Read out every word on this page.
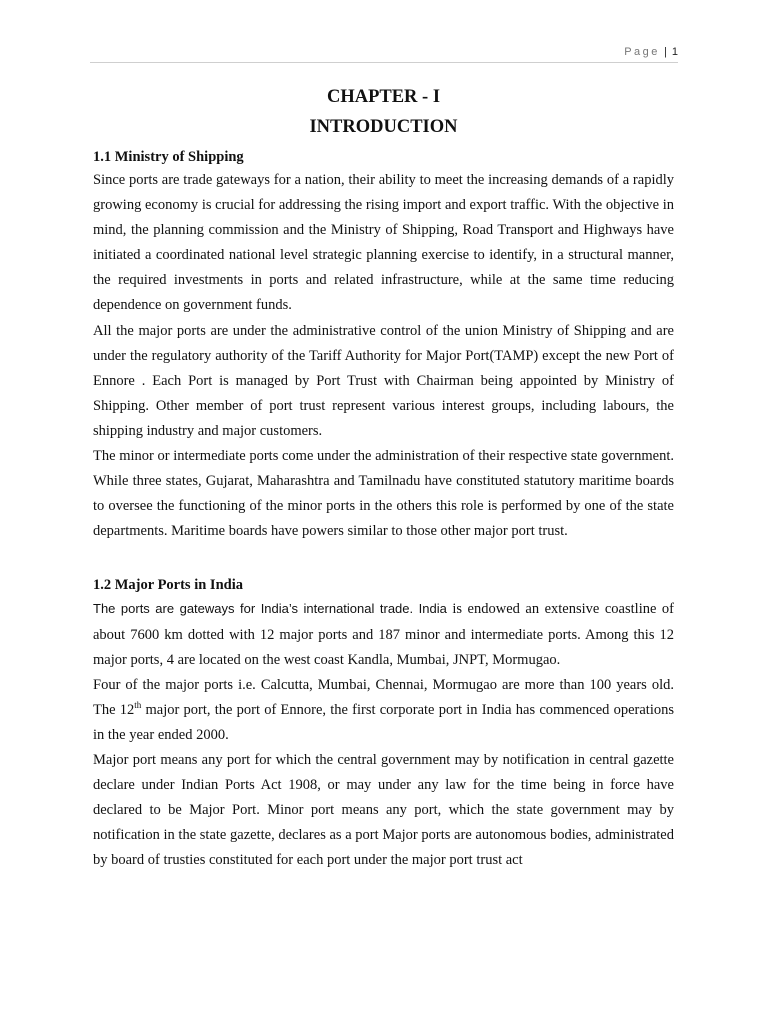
Page | 1
CHAPTER - I
INTRODUCTION
1.1 Ministry of Shipping

Since ports are trade gateways for a nation, their ability to meet the increasing demands of a rapidly growing economy is crucial for addressing the rising import and export traffic. With the objective in mind, the planning commission and the Ministry of Shipping, Road Transport and Highways have initiated a coordinated national level strategic planning exercise to identify, in a structural manner, the required investments in ports and related infrastructure, while at the same time reducing dependence on government funds.

All the major ports are under the administrative control of the union Ministry of Shipping and are under the regulatory authority of the Tariff Authority for Major Port(TAMP) except the new Port of Ennore . Each Port is managed by Port Trust with Chairman being appointed by Ministry of Shipping. Other member of port trust represent various interest groups, including labours, the shipping industry and major customers.

The minor or intermediate ports come under the administration of their respective state government. While three states, Gujarat, Maharashtra and Tamilnadu have constituted statutory maritime boards to oversee the functioning of the minor ports in the others this role is performed by one of the state departments. Maritime boards have powers similar to those other major port trust.

1.2 Major Ports in India

The ports are gateways for India’s international trade. India is endowed an extensive coastline of about 7600 km dotted with 12 major ports and 187 minor and intermediate ports. Among this 12 major ports, 4 are located on the west coast Kandla, Mumbai, JNPT, Mormugao.

Four of the major ports i.e. Calcutta, Mumbai, Chennai, Mormugao are more than 100 years old. The 12th major port, the port of Ennore, the first corporate port in India has commenced operations in the year ended 2000.

Major port means any port for which the central government may by notification in central gazette declare under Indian Ports Act 1908, or may under any law for the time being in force have declared to be Major Port. Minor port means any port, which the state government may by notification in the state gazette, declares as a port Major ports are autonomous bodies, administrated by board of trusties constituted for each port under the major port trust act
